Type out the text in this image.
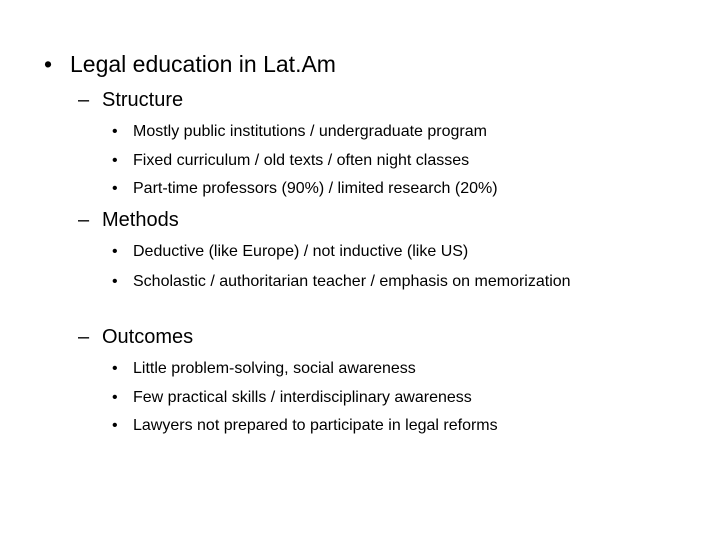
• Legal education in Lat.Am
– Structure
• Mostly public institutions / undergraduate program
• Fixed curriculum / old texts / often night classes
• Part-time professors (90%) / limited research (20%)
– Methods
• Deductive (like Europe) / not inductive (like US)
• Scholastic / authoritarian teacher / emphasis on memorization
– Outcomes
• Little problem-solving, social awareness
• Few practical skills / interdisciplinary awareness
• Lawyers not prepared to participate in legal reforms
